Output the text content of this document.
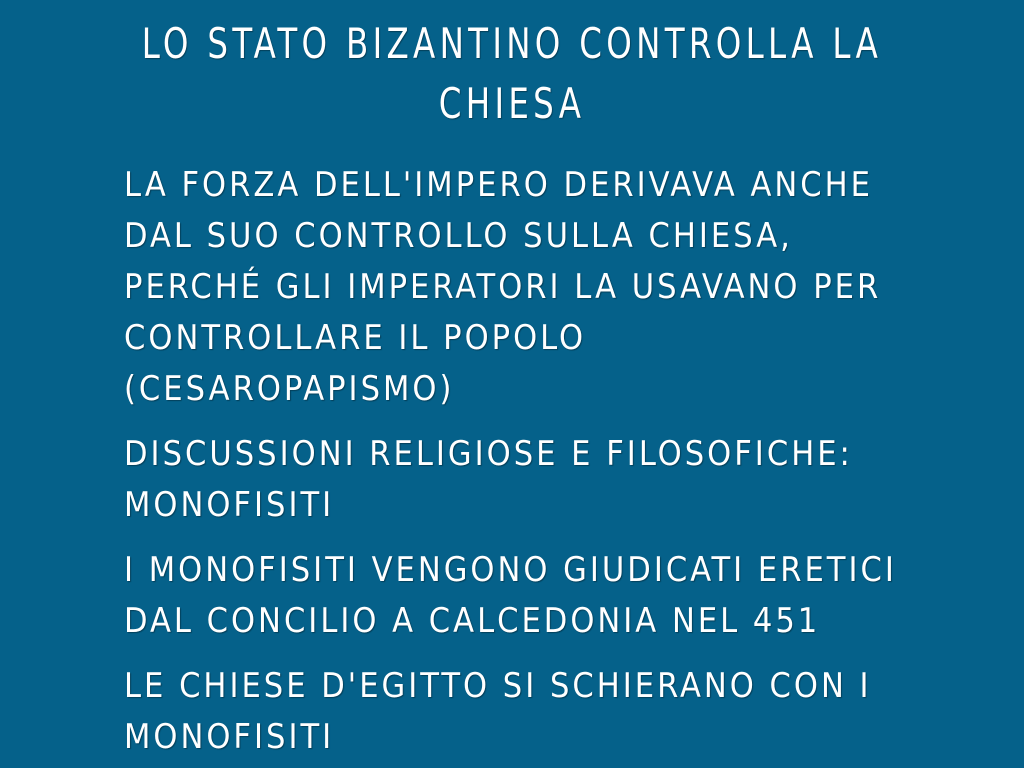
LO STATO BIZANTINO CONTROLLA LA CHIESA
LA FORZA DELL'IMPERO DERIVAVA ANCHE DAL SUO CONTROLLO SULLA CHIESA, PERCHÉ GLI IMPERATORI LA USAVANO PER CONTROLLARE IL POPOLO (CESAROPAPISMO)
DISCUSSIONI RELIGIOSE E FILOSOFICHE: MONOFISITI
I MONOFISITI VENGONO GIUDICATI ERETICI DAL CONCILIO A CALCEDONIA NEL 451
LE CHIESE D'EGITTO SI SCHIERANO CON I MONOFISITI
